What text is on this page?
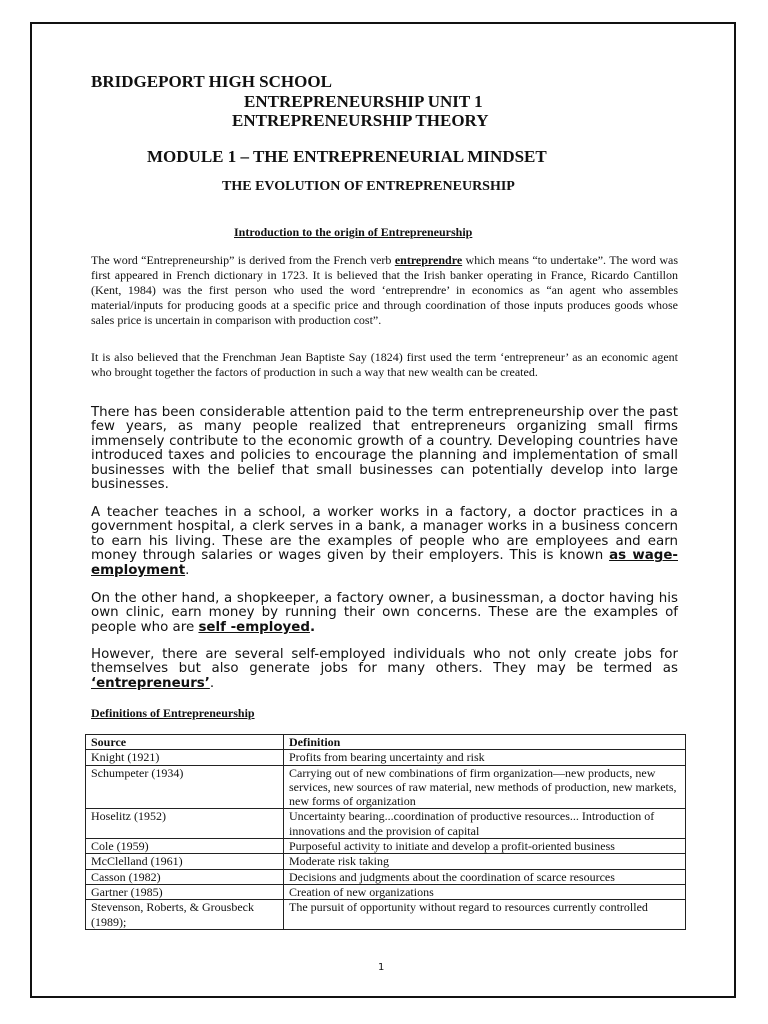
BRIDGEPORT HIGH SCHOOL
ENTREPRENEURSHIP UNIT 1
ENTREPRENEURSHIP THEORY
MODULE 1 – THE ENTREPRENEURIAL MINDSET
THE EVOLUTION OF ENTREPRENEURSHIP
Introduction to the origin of Entrepreneurship

The word “Entrepreneurship” is derived from the French verb entreprendre which means “to undertake”. The word was first appeared in French dictionary in 1723. It is believed that the Irish banker operating in France, Ricardo Cantillon (Kent, 1984) was the first person who used the word ‘entreprendre’ in economics as “an agent who assembles material/inputs for producing goods at a specific price and through coordination of those inputs produces goods whose sales price is uncertain in comparison with production cost”.

It is also believed that the Frenchman Jean Baptiste Say (1824) first used the term ‘entrepreneur’ as an economic agent who brought together the factors of production in such a way that new wealth can be created.

There has been considerable attention paid to the term entrepreneurship over the past few years, as many people realized that entrepreneurs organizing small firms immensely contribute to the economic growth of a country. Developing countries have introduced taxes and policies to encourage the planning and implementation of small businesses with the belief that small businesses can potentially develop into large businesses.

A teacher teaches in a school, a worker works in a factory, a doctor practices in a government hospital, a clerk serves in a bank, a manager works in a business concern to earn his living. These are the examples of people who are employees and earn money through salaries or wages given by their employers. This is known as wage-employment.

On the other hand, a shopkeeper, a factory owner, a businessman, a doctor having his own clinic, earn money by running their own concerns. These are the examples of people who are self -employed.

However, there are several self-employed individuals who not only create jobs for themselves but also generate jobs for many others. They may be termed as ‘entrepreneurs’.

Definitions of Entrepreneurship
Source	Definition
Knight (1921)	Profits from bearing uncertainty and risk
Schumpeter (1934)	Carrying out of new combinations of firm organization—new products, new services, new sources of raw material, new methods of production, new markets, new forms of organization
Hoselitz (1952)	Uncertainty bearing...coordination of productive resources... Introduction of innovations and the provision of capital
Cole (1959)	Purposeful activity to initiate and develop a profit-oriented business
McClelland (1961)	Moderate risk taking
Casson (1982)	Decisions and judgments about the coordination of scarce resources
Gartner (1985)	Creation of new organizations
Stevenson, Roberts, & Grousbeck (1989);	The pursuit of opportunity without regard to resources currently controlled
1
